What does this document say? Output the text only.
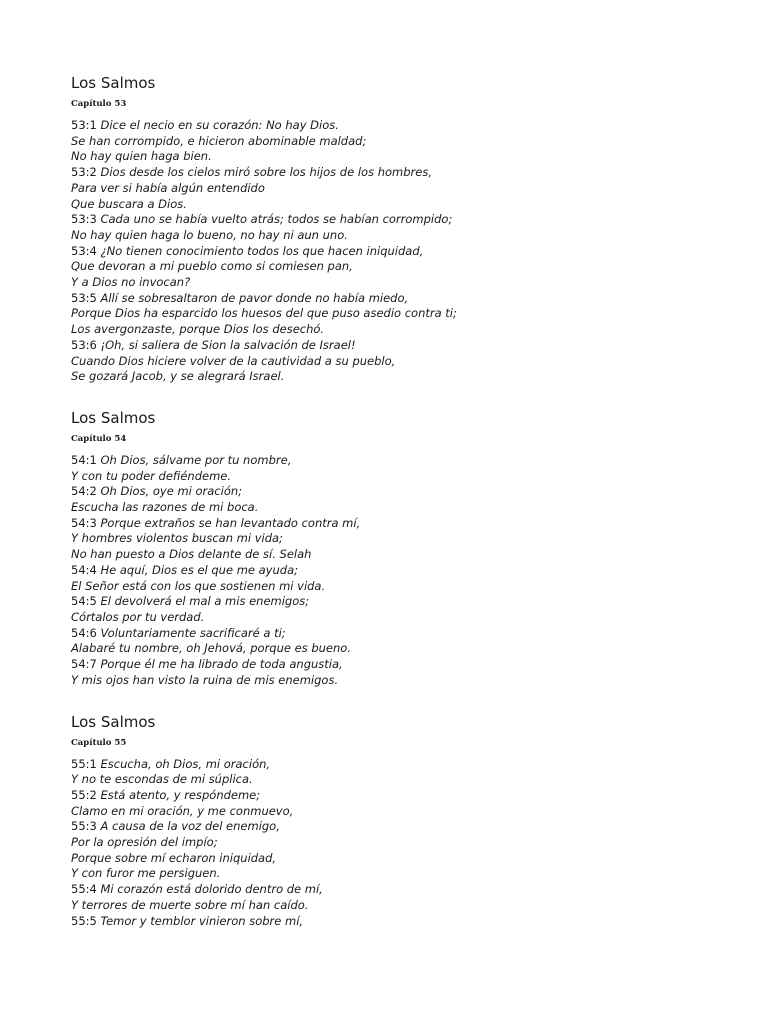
Los Salmos
Capítulo 53
53:1 Dice el necio en su corazón: No hay Dios.
Se han corrompido, e hicieron abominable maldad;
No hay quien haga bien.
53:2 Dios desde los cielos miró sobre los hijos de los hombres,
Para ver si había algún entendido
Que buscara a Dios.
53:3 Cada uno se había vuelto atrás; todos se habían corrompido;
No hay quien haga lo bueno, no hay ni aun uno.
53:4 ¿No tienen conocimiento todos los que hacen iniquidad,
Que devoran a mi pueblo como si comiesen pan,
Y a Dios no invocan?
53:5 Allí se sobresaltaron de pavor donde no había miedo,
Porque Dios ha esparcido los huesos del que puso asedio contra ti;
Los avergonzaste, porque Dios los desechó.
53:6 ¡Oh, si saliera de Sion la salvación de Israel!
Cuando Dios hiciere volver de la cautividad a su pueblo,
Se gozará Jacob, y se alegrará Israel.
Los Salmos
Capítulo 54
54:1 Oh Dios, sálvame por tu nombre,
Y con tu poder defiéndeme.
54:2 Oh Dios, oye mi oración;
Escucha las razones de mi boca.
54:3 Porque extraños se han levantado contra mí,
Y hombres violentos buscan mi vida;
No han puesto a Dios delante de sí. Selah
54:4 He aquí, Dios es el que me ayuda;
El Señor está con los que sostienen mi vida.
54:5 El devolverá el mal a mis enemigos;
Córtalos por tu verdad.
54:6 Voluntariamente sacrificaré a ti;
Alabaré tu nombre, oh Jehová, porque es bueno.
54:7 Porque él me ha librado de toda angustia,
Y mis ojos han visto la ruina de mis enemigos.
Los Salmos
Capítulo 55
55:1 Escucha, oh Dios, mi oración,
Y no te escondas de mi súplica.
55:2 Está atento, y respóndeme;
Clamo en mi oración, y me conmuevo,
55:3 A causa de la voz del enemigo,
Por la opresión del impío;
Porque sobre mí echaron iniquidad,
Y con furor me persiguen.
55:4 Mi corazón está dolorido dentro de mí,
Y terrores de muerte sobre mí han caído.
55:5 Temor y temblor vinieron sobre mí,
